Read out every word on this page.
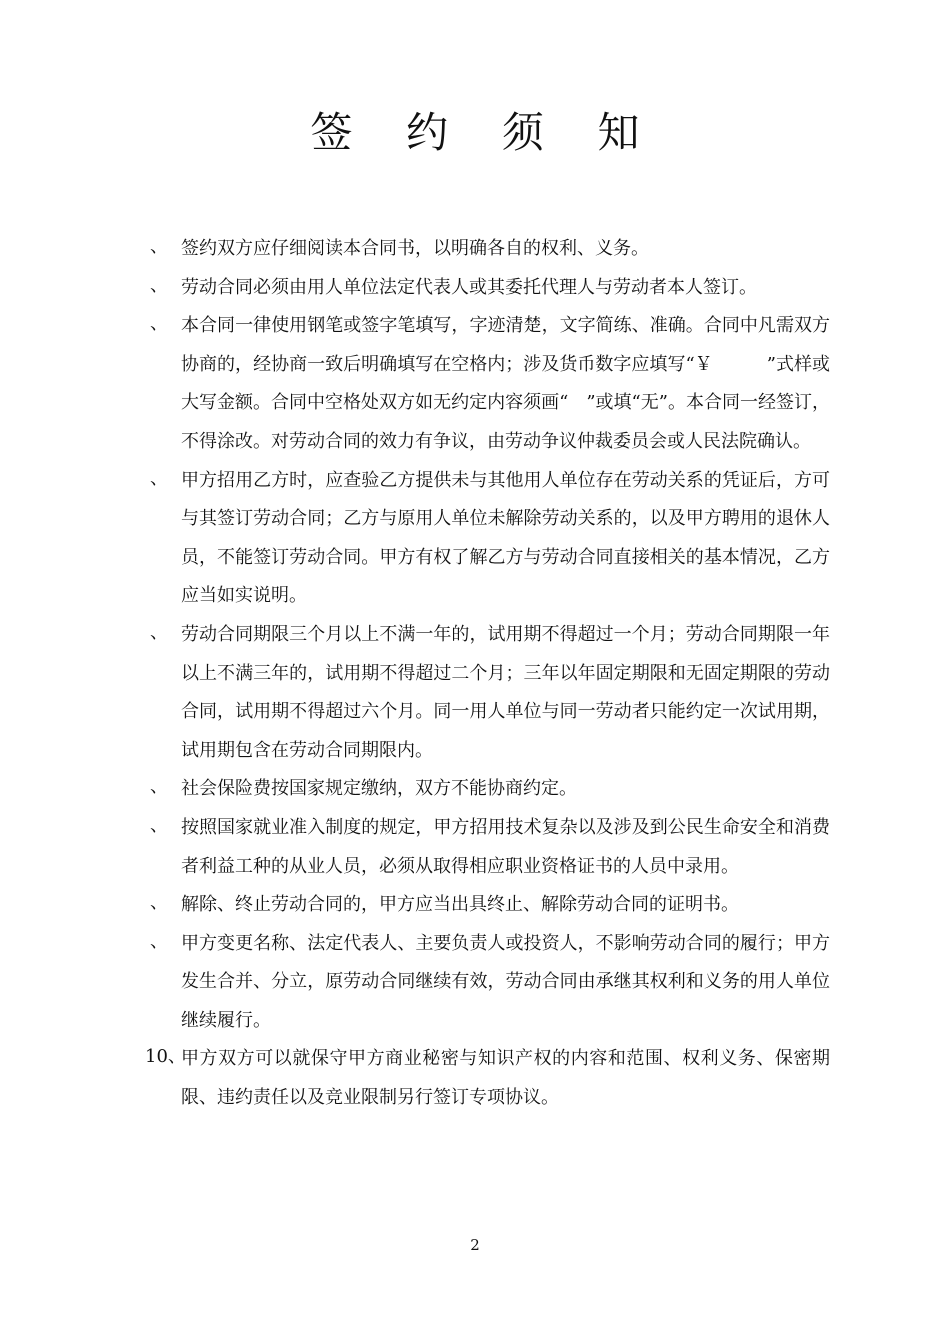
签 约 须 知
、 签约双方应仔细阅读本合同书，以明确各自的权利、义务。
、 劳动合同必须由用人单位法定代表人或其委托代理人与劳动者本人签订。
、 本合同一律使用钢笔或签字笔填写，字迹清楚，文字简练、准确。合同中凡需双方协商的，经协商一致后明确填写在空格内；涉及货币数字应填写“￥　　　”式样或大写金额。合同中空格处双方如无约定内容须画“　”或填“无”。本合同一经签订，不得涂改。对劳动合同的效力有争议，由劳动争议仲裁委员会或人民法院确认。
、 甲方招用乙方时，应查验乙方提供未与其他用人单位存在劳动关系的凭证后，方可与其签订劳动合同；乙方与原用人单位未解除劳动关系的，以及甲方聘用的退休人员，不能签订劳动合同。甲方有权了解乙方与劳动合同直接相关的基本情况，乙方应当如实说明。
、 劳动合同期限三个月以上不满一年的，试用期不得超过一个月；劳动合同期限一年以上不满三年的，试用期不得超过二个月；三年以年固定期限和无固定期限的劳动合同，试用期不得超过六个月。同一用人单位与同一劳动者只能约定一次试用期，试用期包含在劳动合同期限内。
、 社会保险费按国家规定缴纳，双方不能协商约定。
、 按照国家就业准入制度的规定，甲方招用技术复杂以及涉及到公民生命安全和消费者利益工种的从业人员，必须从取得相应职业资格证书的人员中录用。
、 解除、终止劳动合同的，甲方应当出具终止、解除劳动合同的证明书。
、 甲方变更名称、法定代表人、主要负责人或投资人，不影响劳动合同的履行；甲方发生合并、分立，原劳动合同继续有效，劳动合同由承继其权利和义务的用人单位继续履行。
10、
甲方双方可以就保守甲方商业秘密与知识产权的内容和范围、权利义务、保密期限、违约责任以及竞业限制另行签订专项协议。
2
